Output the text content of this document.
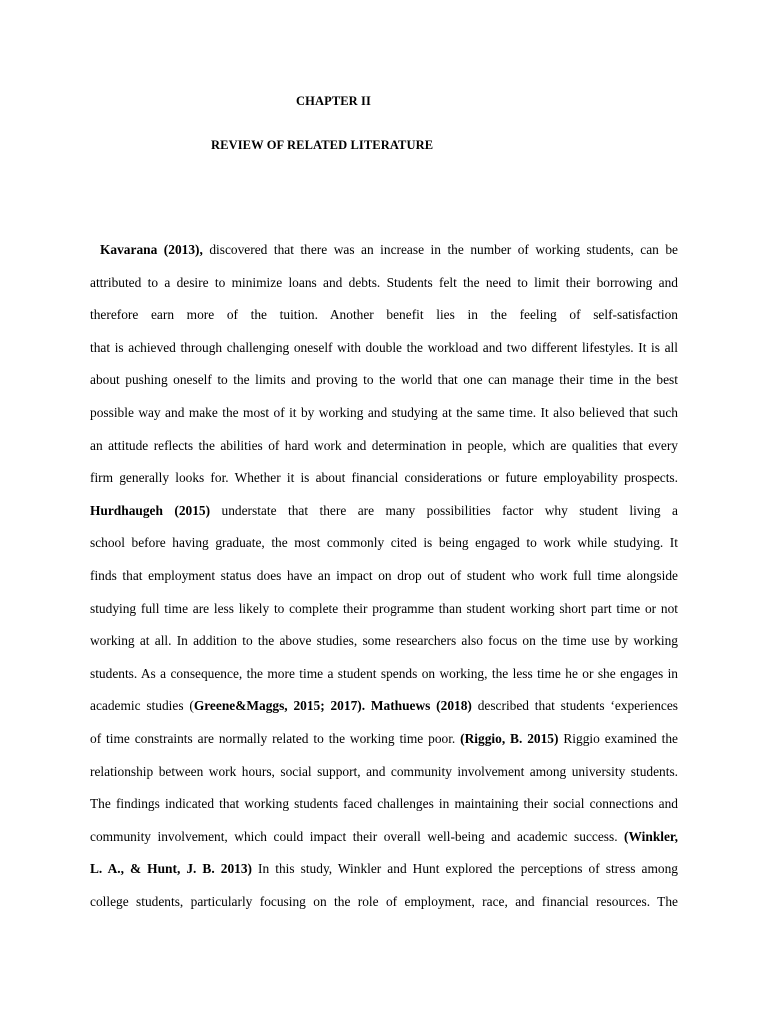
CHAPTER II
REVIEW OF RELATED LITERATURE
Kavarana (2013), discovered that there was an increase in the number of working students, can be
attributed to a desire to minimize loans and debts. Students felt the need to limit their borrowing and
therefore earn more of the tuition. Another benefit lies in the feeling of self-satisfaction
that is achieved through challenging oneself with double the workload and two different lifestyles. It is all
about pushing oneself to the limits and proving to the world that one can manage their time in the best
possible way and make the most of it by working and studying at the same time. It also believed that such
an attitude reflects the abilities of hard work and determination in people, which are qualities that every
firm generally looks for. Whether it is about financial considerations or future employability prospects.
Hurdhaugeh (2015) understate that there are many possibilities factor why student living a
school before having graduate, the most commonly cited is being engaged to work while studying. It
finds that employment status does have an impact on drop out of student who work full time alongside
studying full time are less likely to complete their programme than student working short part time or not
working at all. In addition to the above studies, some researchers also focus on the time use by working
students. As a consequence, the more time a student spends on working, the less time he or she engages in
academic studies (Greene&Maggs, 2015; 2017). Mathuews (2018) described that students ‘experiences
of time constraints are normally related to the working time poor. (Riggio, B. 2015) Riggio examined the
relationship between work hours, social support, and community involvement among university students.
The findings indicated that working students faced challenges in maintaining their social connections and
community involvement, which could impact their overall well-being and academic success. (Winkler,
L. A., & Hunt, J. B. 2013) In this study, Winkler and Hunt explored the perceptions of stress among
college students, particularly focusing on the role of employment, race, and financial resources. The
